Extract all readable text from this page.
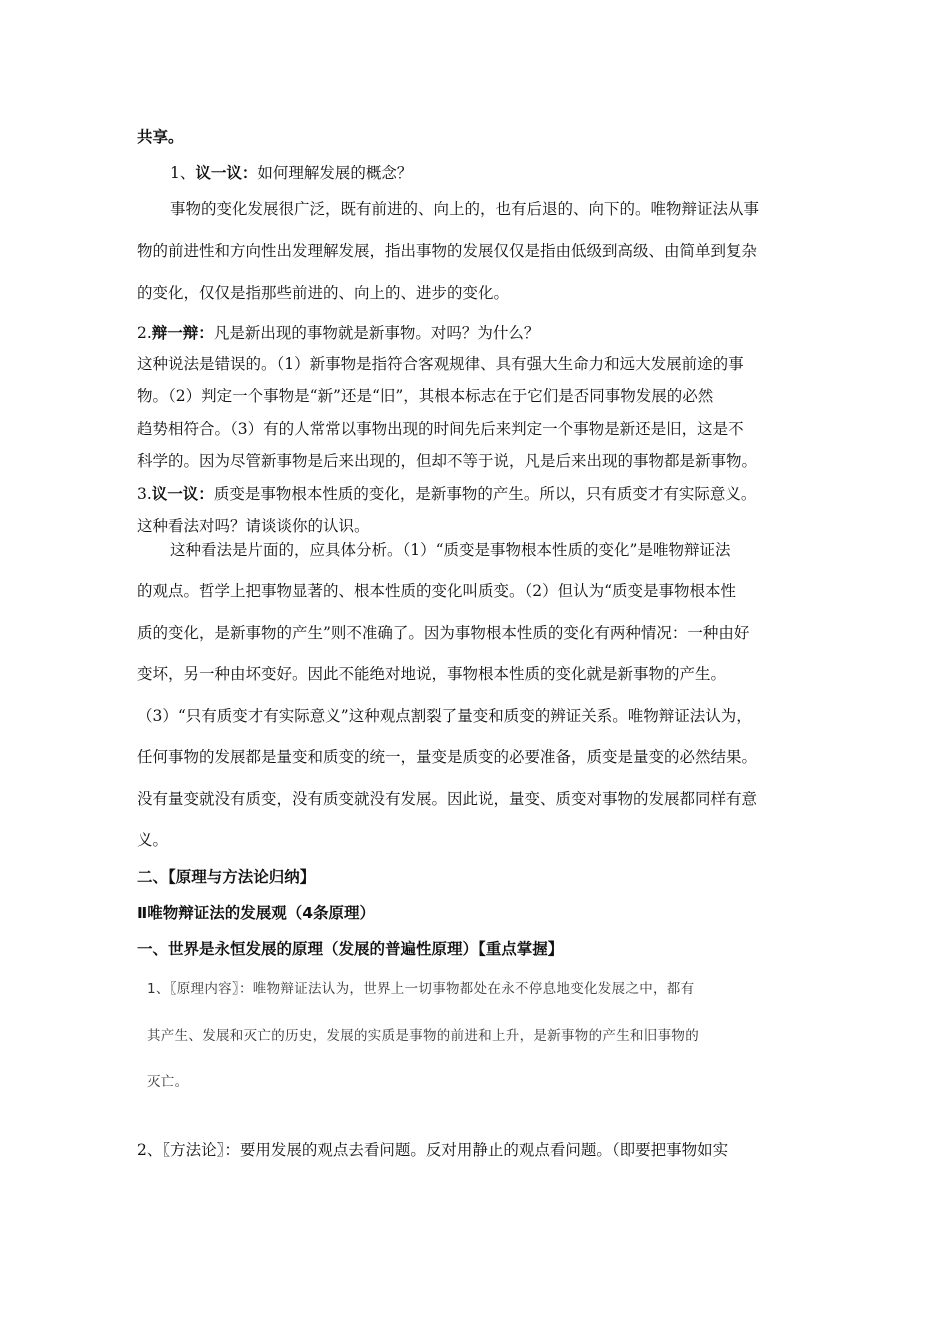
共享。
1、议一议：如何理解发展的概念？
事物的变化发展很广泛，既有前进的、向上的，也有后退的、向下的。唯物辩证法从事
物的前进性和方向性出发理解发展，指出事物的发展仅仅是指由低级到高级、由简单到复杂
的变化，仅仅是指那些前进的、向上的、进步的变化。
2.辩一辩：凡是新出现的事物就是新事物。对吗？为什么？
这种说法是错误的。（1）新事物是指符合客观规律、具有强大生命力和远大发展前途的事
物。（2）判定一个事物是“新”还是“旧”，其根本标志在于它们是否同事物发展的必然
趋势相符合。（3）有的人常常以事物出现的时间先后来判定一个事物是新还是旧，这是不
科学的。因为尽管新事物是后来出现的，但却不等于说，凡是后来出现的事物都是新事物。
3.议一议：质变是事物根本性质的变化，是新事物的产生。所以，只有质变才有实际意义。
这种看法对吗？请谈谈你的认识。
这种看法是片面的，应具体分析。（1）“质变是事物根本性质的变化”是唯物辩证法
的观点。哲学上把事物显著的、根本性质的变化叫质变。（2）但认为“质变是事物根本性
质的变化，是新事物的产生”则不准确了。因为事物根本性质的变化有两种情况：一种由好
变坏，另一种由坏变好。因此不能绝对地说，事物根本性质的变化就是新事物的产生。
（3）“只有质变才有实际意义”这种观点割裂了量变和质变的辨证关系。唯物辩证法认为，
任何事物的发展都是量变和质变的统一，量变是质变的必要准备，质变是量变的必然结果。
没有量变就没有质变，没有质变就没有发展。因此说，量变、质变对事物的发展都同样有意
义。
二、【原理与方法论归纳】
Ⅱ唯物辩证法的发展观（4条原理）
一、世界是永恒发展的原理（发展的普遍性原理）【重点掌握】
1、〖原理内容〗：唯物辩证法认为，世界上一切事物都处在永不停息地变化发展之中，都有
其产生、发展和灭亡的历史，发展的实质是事物的前进和上升，是新事物的产生和旧事物的
灭亡。
2、〖方法论〗：要用发展的观点去看问题。反对用静止的观点看问题。（即要把事物如实
